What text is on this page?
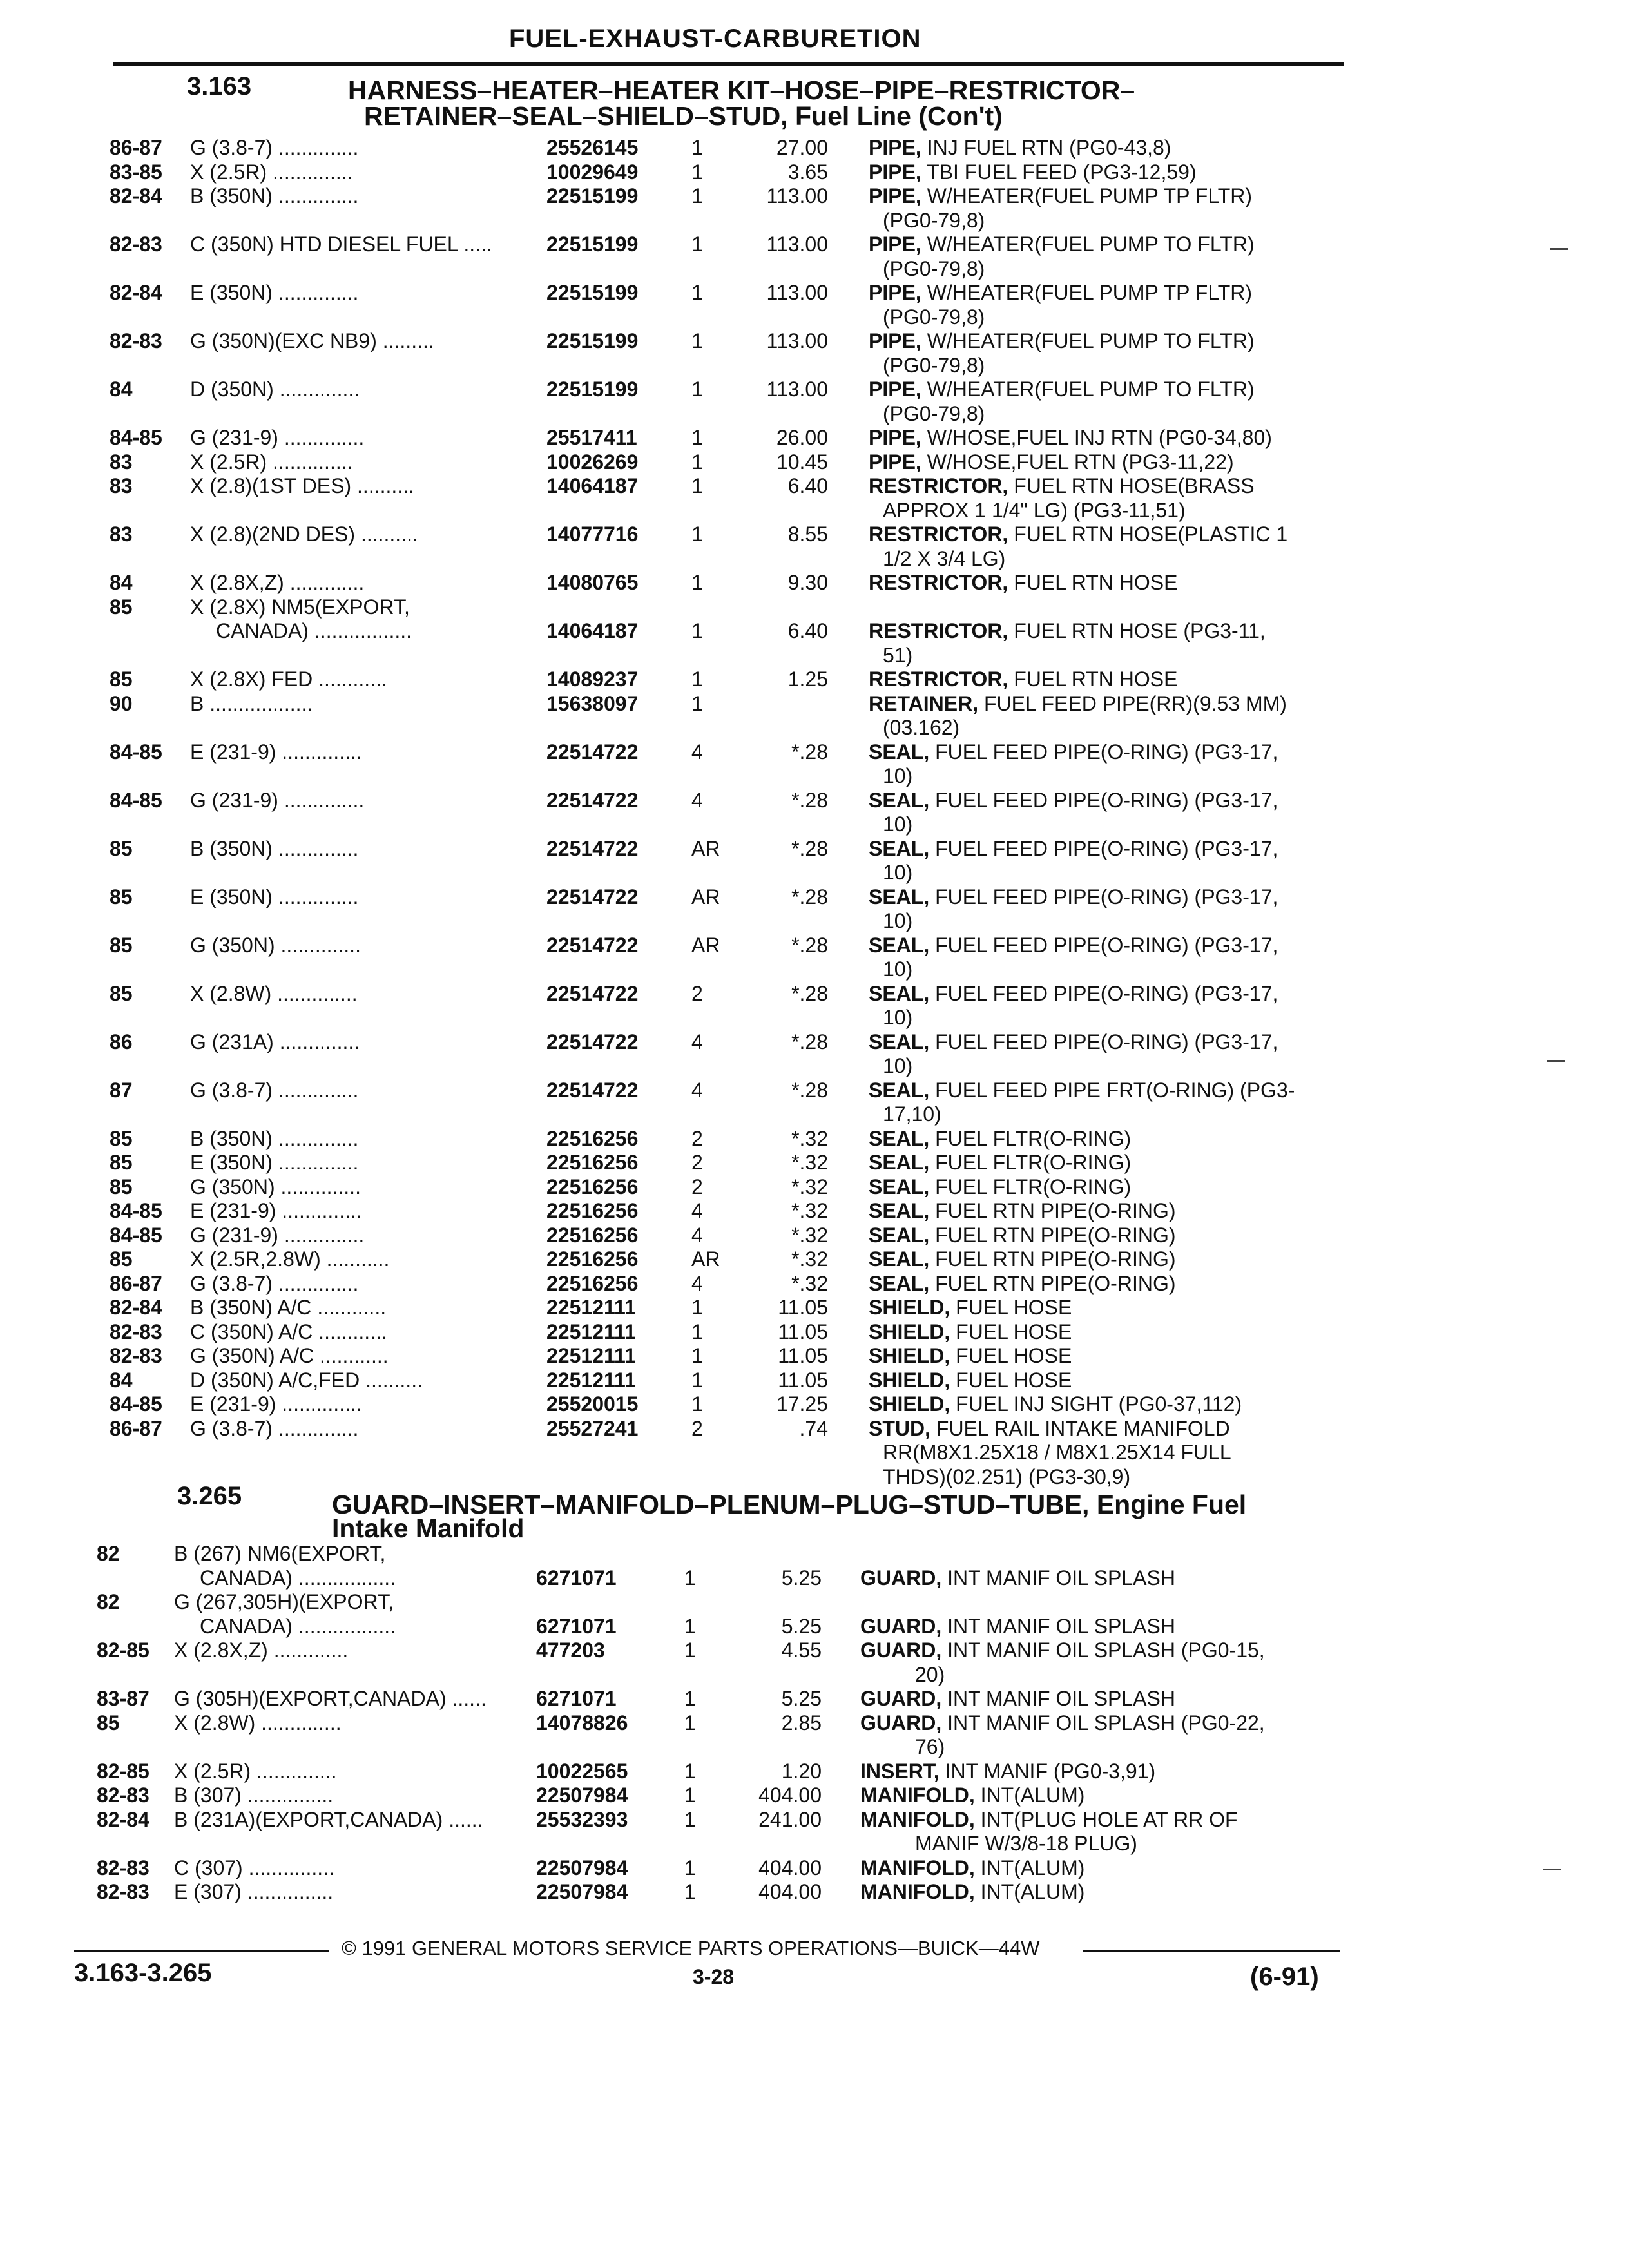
FUEL-EXHAUST-CARBURETION
3.163	HARNESS–HEATER–HEATER KIT–HOSE–PIPE–RESTRICTOR–
RETAINER–SEAL–SHIELD–STUD, Fuel Line (Con't)
86-87 G (3.8-7) ..............	25526145	1	27.00 PIPE, INJ FUEL RTN (PG0-43,8)
83-85 X (2.5R) ..............	10029649	1	3.65 PIPE, TBI FUEL FEED (PG3-12,59)
82-84 B (350N) ..............	22515199	1	113.00 PIPE, W/HEATER(FUEL PUMP TP FLTR)
(PG0-79,8)
82-83 C (350N) HTD DIESEL FUEL .....	22515199	1	113.00 PIPE, W/HEATER(FUEL PUMP TO FLTR)
(PG0-79,8)
82-84 E (350N) ..............	22515199	1	113.00 PIPE, W/HEATER(FUEL PUMP TP FLTR)
(PG0-79,8)
82-83 G (350N)(EXC NB9) .........	22515199	1	113.00 PIPE, W/HEATER(FUEL PUMP TO FLTR)
(PG0-79,8)
84	D (350N) ..............	22515199	1	113.00 PIPE, W/HEATER(FUEL PUMP TO FLTR)
(PG0-79,8)
84-85 G (231-9) ..............	25517411	1	26.00 PIPE, W/HOSE,FUEL INJ RTN (PG0-34,80)
83	X (2.5R) ..............	10026269	1	10.45 PIPE, W/HOSE,FUEL RTN (PG3-11,22)
83	X (2.8)(1ST DES) ..........	14064187	1	6.40 RESTRICTOR, FUEL RTN HOSE(BRASS
APPROX 1 1/4" LG) (PG3-11,51)
83	X (2.8)(2ND DES) ..........	14077716	1	8.55 RESTRICTOR, FUEL RTN HOSE(PLASTIC 1
1/2 X 3/4 LG)
84	X (2.8X,Z) .............	14080765	1	9.30 RESTRICTOR, FUEL RTN HOSE
85	X (2.8X) NM5(EXPORT,
CANADA) .................	14064187	1	6.40 RESTRICTOR, FUEL RTN HOSE (PG3-11,
51)
85	X (2.8X) FED ............	14089237	1	1.25 RESTRICTOR, FUEL RTN HOSE
90	B ..................	15638097	1	RETAINER, FUEL FEED PIPE(RR)(9.53 MM)
(03.162)
84-85 E (231-9) ..............	22514722	4	*.28 SEAL, FUEL FEED PIPE(O-RING) (PG3-17,
10)
84-85 G (231-9) ..............	22514722	4	*.28 SEAL, FUEL FEED PIPE(O-RING) (PG3-17,
10)
85	B (350N) ..............	22514722	AR	*.28 SEAL, FUEL FEED PIPE(O-RING) (PG3-17,
10)
85	E (350N) ..............	22514722	AR	*.28 SEAL, FUEL FEED PIPE(O-RING) (PG3-17,
10)
85	G (350N) ..............	22514722	AR	*.28 SEAL, FUEL FEED PIPE(O-RING) (PG3-17,
10)
85	X (2.8W) ..............	22514722	2	*.28 SEAL, FUEL FEED PIPE(O-RING) (PG3-17,
10)
86	G (231A) ..............	22514722	4	*.28 SEAL, FUEL FEED PIPE(O-RING) (PG3-17,
10)
87	G (3.8-7) ..............	22514722	4	*.28 SEAL, FUEL FEED PIPE FRT(O-RING) (PG3-
17,10)
85	B (350N) ..............	22516256	2	*.32 SEAL, FUEL FLTR(O-RING)
85	E (350N) ..............	22516256	2	*.32 SEAL, FUEL FLTR(O-RING)
85	G (350N) ..............	22516256	2	*.32 SEAL, FUEL FLTR(O-RING)
84-85 E (231-9) ..............	22516256	4	*.32 SEAL, FUEL RTN PIPE(O-RING)
84-85 G (231-9) ..............	22516256	4	*.32 SEAL, FUEL RTN PIPE(O-RING)
85	X (2.5R,2.8W) ...........	22516256	AR	*.32 SEAL, FUEL RTN PIPE(O-RING)
86-87 G (3.8-7) ..............	22516256	4	*.32 SEAL, FUEL RTN PIPE(O-RING)
82-84 B (350N) A/C ............	22512111	1	11.05 SHIELD, FUEL HOSE
82-83 C (350N) A/C ............	22512111	1	11.05 SHIELD, FUEL HOSE
82-83 G (350N) A/C ............	22512111	1	11.05 SHIELD, FUEL HOSE
84	D (350N) A/C,FED ..........	22512111	1	11.05 SHIELD, FUEL HOSE
84-85 E (231-9) ..............	25520015	1	17.25 SHIELD, FUEL INJ SIGHT (PG0-37,112)
86-87 G (3.8-7) ..............	25527241	2	.74 STUD, FUEL RAIL INTAKE MANIFOLD
RR(M8X1.25X18 / M8X1.25X14 FULL
THDS)(02.251) (PG3-30,9)
3.265	GUARD–INSERT–MANIFOLD–PLENUM–PLUG–STUD–TUBE, Engine Fuel
Intake Manifold
82	B (267) NM6(EXPORT,
CANADA) .................	6271071	1	5.25 GUARD, INT MANIF OIL SPLASH
82	G (267,305H)(EXPORT,
CANADA) .................	6271071	1	5.25 GUARD, INT MANIF OIL SPLASH
82-85 X (2.8X,Z) .............	477203	1	4.55 GUARD, INT MANIF OIL SPLASH (PG0-15,
20)
83-87 G (305H)(EXPORT,CANADA) ...... 6271071	1	5.25 GUARD, INT MANIF OIL SPLASH
85	X (2.8W) ..............	14078826	1	2.85 GUARD, INT MANIF OIL SPLASH (PG0-22,
76)
82-85 X (2.5R) ..............	10022565	1	1.20 INSERT, INT MANIF (PG0-3,91)
82-83 B (307) ...............	22507984	1	404.00 MANIFOLD, INT(ALUM)
82-84 B (231A)(EXPORT,CANADA) ......	25532393	1	241.00 MANIFOLD, INT(PLUG HOLE AT RR OF
MANIF W/3/8-18 PLUG)
82-83 C (307) ...............	22507984	1	404.00 MANIFOLD, INT(ALUM)
82-83 E (307) ...............	22507984	1	404.00 MANIFOLD, INT(ALUM)
© 1991 GENERAL MOTORS SERVICE PARTS OPERATIONS—BUICK—44W
3.163-3.265	3-28	(6-91)
